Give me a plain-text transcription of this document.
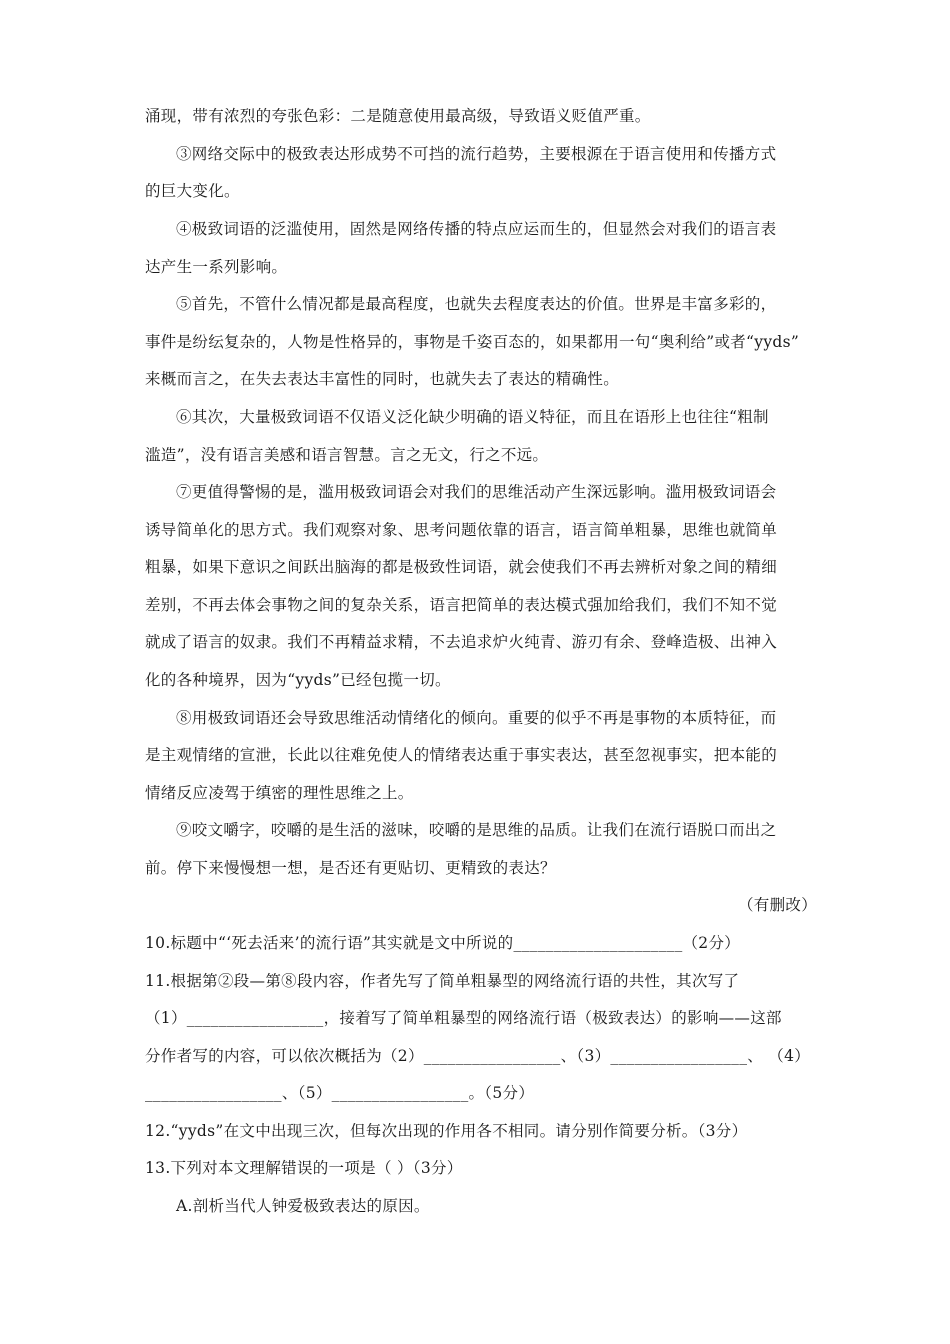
涌现，带有浓烈的夸张色彩：二是随意使用最高级，导致语义贬值严重。
③网络交际中的极致表达形成势不可挡的流行趋势，主要根源在于语言使用和传播方式
的巨大变化。
④极致词语的泛滥使用，固然是网络传播的特点应运而生的，但显然会对我们的语言表
达产生一系列影响。
⑤首先，不管什么情况都是最高程度，也就失去程度表达的价值。世界是丰富多彩的，
事件是纷纭复杂的，人物是性格异的，事物是千姿百态的，如果都用一句“奥利给”或者“yyds”
来概而言之，在失去表达丰富性的同时，也就失去了表达的精确性。
⑥其次，大量极致词语不仅语义泛化缺少明确的语义特征，而且在语形上也往往“粗制
滥造”，没有语言美感和语言智慧。言之无文，行之不远。
⑦更值得警惕的是，滥用极致词语会对我们的思维活动产生深远影响。滥用极致词语会
诱导简单化的思方式。我们观察对象、思考问题依靠的语言，语言简单粗暴，思维也就简单
粗暴，如果下意识之间跃出脑海的都是极致性词语，就会使我们不再去辨析对象之间的精细
差别，不再去体会事物之间的复杂关系，语言把简单的表达模式强加给我们，我们不知不觉
就成了语言的奴隶。我们不再精益求精，不去追求炉火纯青、游刃有余、登峰造极、出神入
化的各种境界，因为“yyds”已经包揽一切。
⑧用极致词语还会导致思维活动情绪化的倾向。重要的似乎不再是事物的本质特征，而
是主观情绪的宣泄，长此以往难免使人的情绪表达重于事实表达，甚至忽视事实，把本能的
情绪反应凌驾于缜密的理性思维之上。
⑨咬文嚼字，咬嚼的是生活的滋味，咬嚼的是思维的品质。让我们在流行语脱口而出之
前。停下来慢慢想一想，是否还有更贴切、更精致的表达？
（有删改）
10.标题中“‘死去活来’的流行语”其实就是文中所说的_____________________（2分）
11.根据第②段—第⑧段内容，作者先写了简单粗暴型的网络流行语的共性，其次写了
（1）_________________，接着写了简单粗暴型的网络流行语（极致表达）的影响——这部
分作者写的内容，可以依次概括为（2）_________________、（3）_________________、 （4）
_________________、（5）_________________。（5分）
12.“yyds”在文中出现三次，但每次出现的作用各不相同。请分别作简要分析。（3分）
13.下列对本文理解错误的一项是（ ）（3分）
A.剖析当代人钟爱极致表达的原因。
